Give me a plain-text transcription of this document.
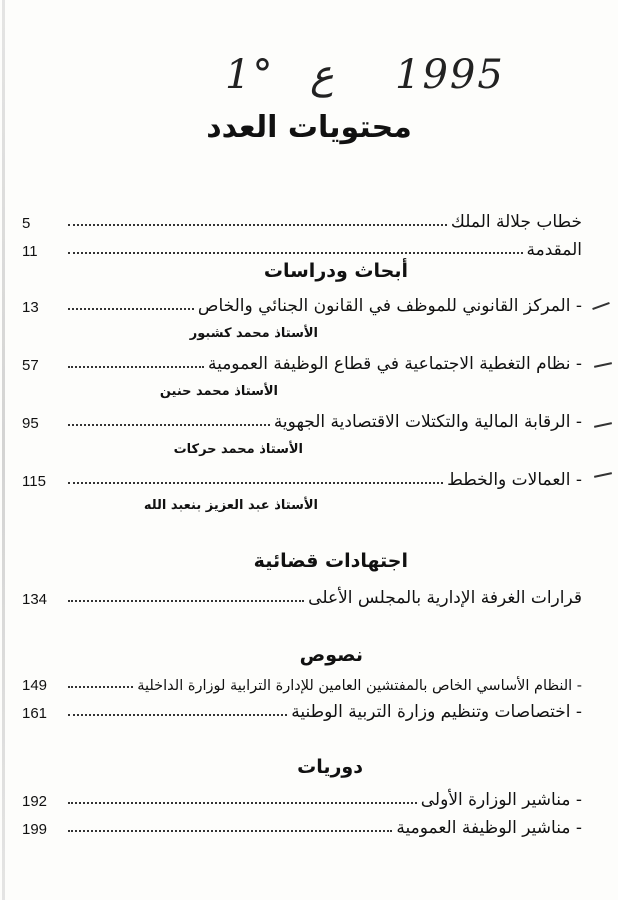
1° ع 1995
محتويات العدد
5	خطاب جلالة الملك
11	المقدمة
أبحاث ودراسات
13	- المركز القانوني للموظف في القانون الجنائي والخاص
الأستاذ محمد كشبور
57	- نظام التغطية الاجتماعية في قطاع الوظيفة العمومية
الأستاذ محمد حنين
95	- الرقابة المالية والتكتلات الاقتصادية الجهوية
الأستاذ محمد حركات
115	- العمالات والخطط
الأستاذ عبد العزيز بنعبد الله
اجتهادات قضائية
134	قرارات الغرفة الإدارية بالمجلس الأعلى
نصوص
149	- النظام الأساسي الخاص بالمفتشين العامين للإدارة الترابية لوزارة الداخلية
161	- اختصاصات وتنظيم وزارة التربية الوطنية
دوريات
192	- مناشير الوزارة الأولى
199	- مناشير الوظيفة العمومية
